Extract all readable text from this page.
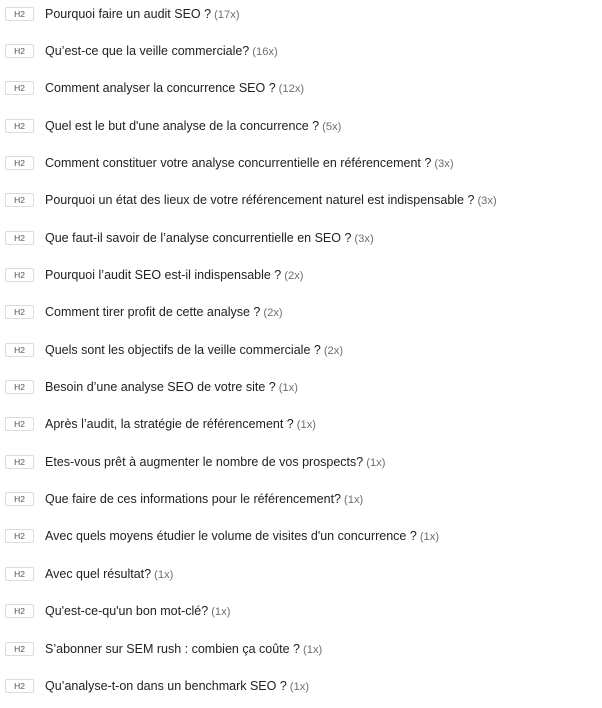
H2	Pourquoi faire un audit SEO ? (17x)
H2	Qu’est-ce que la veille commerciale? (16x)
H2	Comment analyser la concurrence SEO ? (12x)
H2	Quel est le but d'une analyse de la concurrence ? (5x)
H2	Comment constituer votre analyse concurrentielle en référencement ? (3x)
H2	Pourquoi un état des lieux de votre référencement naturel est indispensable ? (3x)
H2	Que faut-il savoir de l’analyse concurrentielle en SEO ? (3x)
H2	Pourquoi l’audit SEO est-il indispensable ? (2x)
H2	Comment tirer profit de cette analyse ? (2x)
H2	Quels sont les objectifs de la veille commerciale ? (2x)
H2	Besoin d’une analyse SEO de votre site ? (1x)
H2	Après l’audit, la stratégie de référencement ? (1x)
H2	Etes-vous prêt à augmenter le nombre de vos prospects? (1x)
H2	Que faire de ces informations pour le référencement? (1x)
H2	Avec quels moyens étudier le volume de visites d'un concurrence ? (1x)
H2	Avec quel résultat? (1x)
H2	Qu'est-ce-qu'un bon mot-clé? (1x)
H2	S’abonner sur SEM rush : combien ça coûte ? (1x)
H2	Qu’analyse-t-on dans un benchmark SEO ? (1x)
